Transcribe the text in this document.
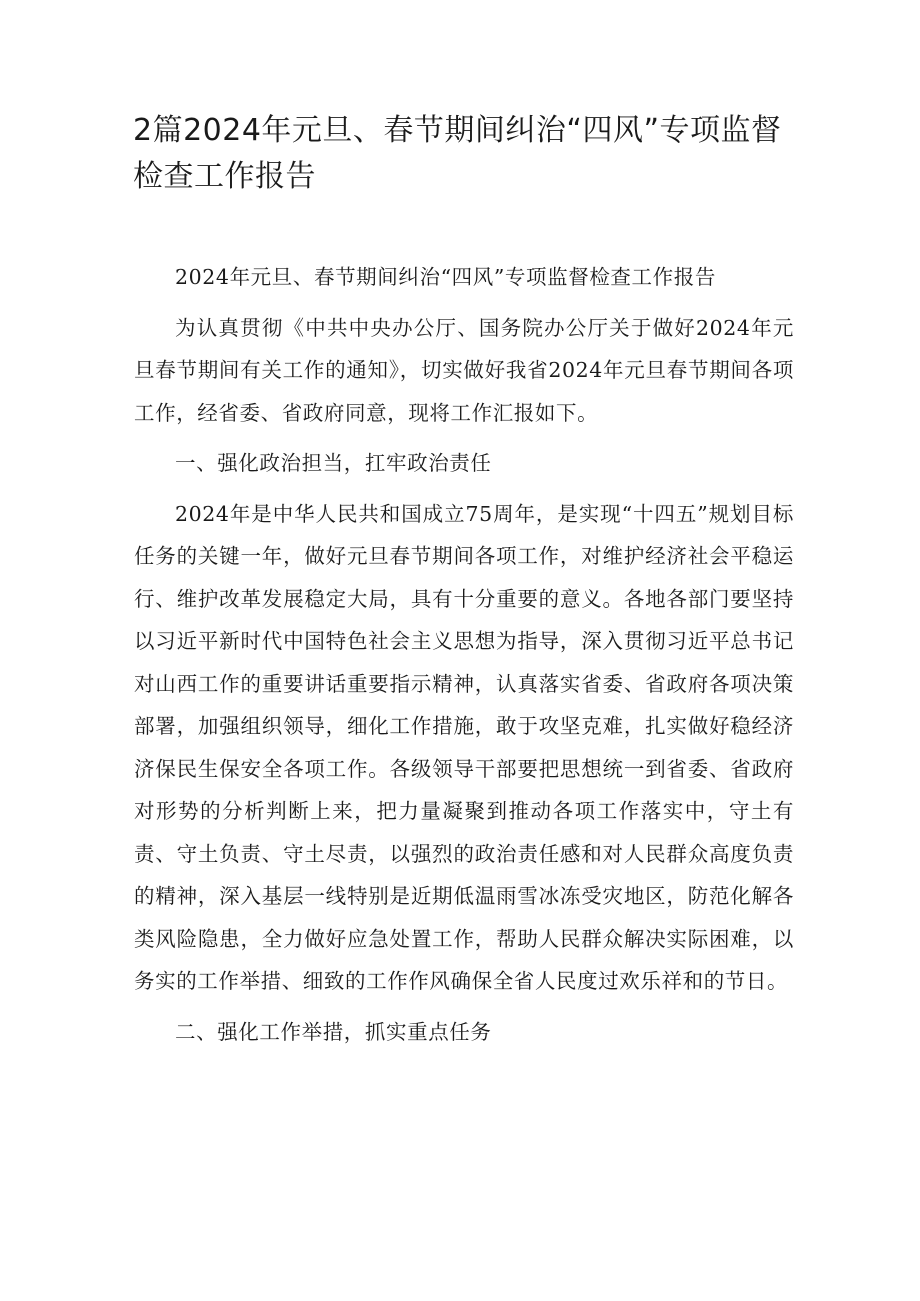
2篇2024年元旦、春节期间纠治“四风”专项监督检查工作报告

2024年元旦、春节期间纠治“四风”专项监督检查工作报告

为认真贯彻《中共中央办公厅、国务院办公厅关于做好2024年元旦春节期间有关工作的通知》，切实做好我省2024年元旦春节期间各项工作，经省委、省政府同意，现将工作汇报如下。

一、强化政治担当，扛牢政治责任

2024年是中华人民共和国成立75周年，是实现“十四五”规划目标任务的关键一年，做好元旦春节期间各项工作，对维护经济社会平稳运行、维护改革发展稳定大局，具有十分重要的意义。各地各部门要坚持以习近平新时代中国特色社会主义思想为指导，深入贯彻习近平总书记对山西工作的重要讲话重要指示精神，认真落实省委、省政府各项决策部署，加强组织领导，细化工作措施，敢于攻坚克难，扎实做好稳经济济保民生保安全各项工作。各级领导干部要把思想统一到省委、省政府对形势的分析判断上来，把力量凝聚到推动各项工作落实中，守土有责、守土负责、守土尽责，以强烈的政治责任感和对人民群众高度负责的精神，深入基层一线特别是近期低温雨雪冰冻受灾地区，防范化解各类风险隐患，全力做好应急处置工作，帮助人民群众解决实际困难，以务实的工作举措、细致的工作作风确保全省人民度过欢乐祥和的节日。

二、强化工作举措，抓实重点任务
